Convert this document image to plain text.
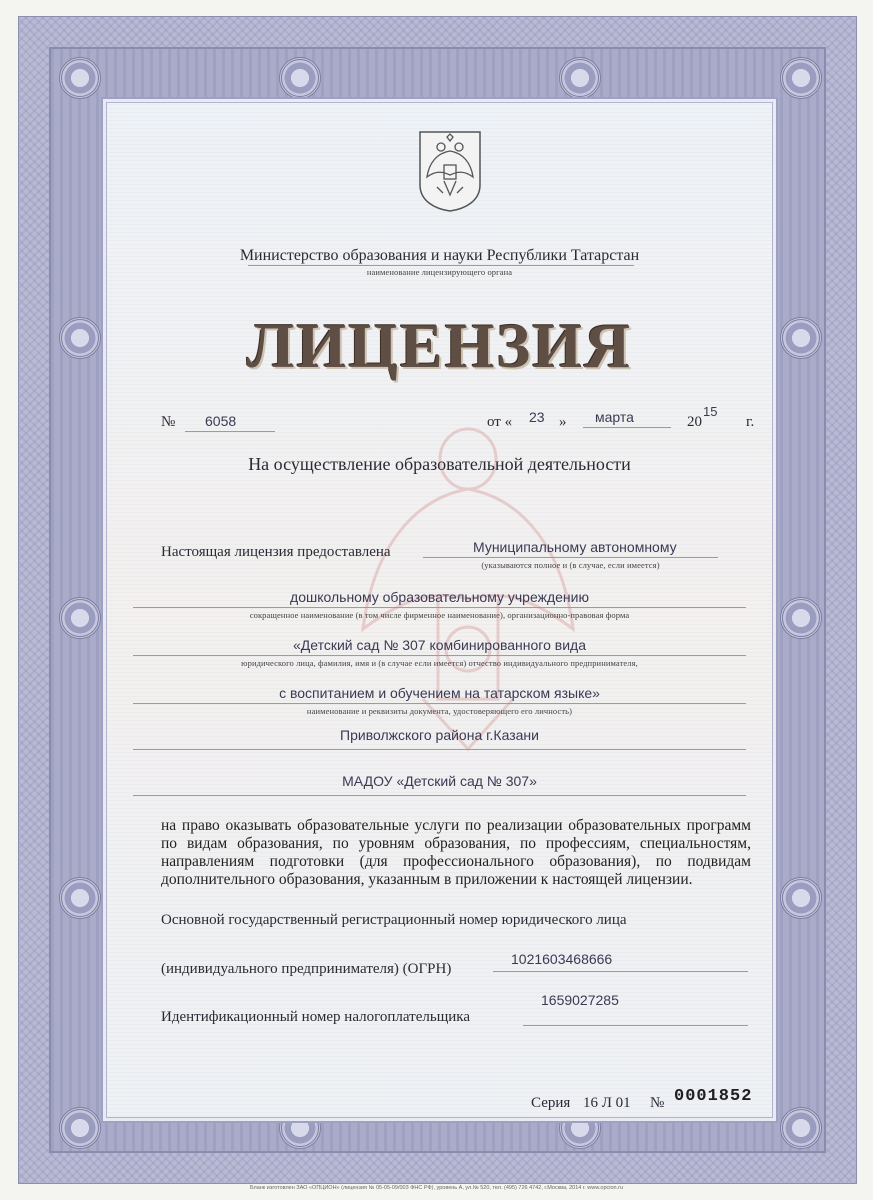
Министерство образования и науки Республики Татарстан
наименование лицензирующего органа
ЛИЦЕНЗИЯ
№ 6058	от « 23 » марта	20
15
г.
На осуществление образовательной деятельности
Настоящая лицензия предоставлена	Муниципальному автономному
(указываются полное и (в случае, если имеется)
дошкольному образовательному учреждению
сокращенное наименование (в том числе фирменное наименование), организационно-правовая форма
«Детский сад № 307 комбинированного вида
юридического лица, фамилия, имя и (в случае если имеется) отчество индивидуального предпринимателя,
с воспитанием и обучением на татарском языке»
наименование и реквизиты документа, удостоверяющего его личность)
Приволжского района г.Казани
МАДОУ «Детский сад № 307»
на право оказывать образовательные услуги по реализации образовательных программ по видам образования, по уровням образования, по профессиям, специальностям, направлениям подготовки (для профессионального образования), по подвидам дополнительного образования, указанным в приложении к настоящей лицензии.
Основной государственный регистрационный номер юридического лица
(индивидуального предпринимателя) (ОГРН)
1021603468666
Идентификационный номер налогоплательщика
1659027285
Серия 16 Л 01 № 0001852
Бланк изготовлен ЗАО «ОПЦИОН» (лицензия № 05-05-09/003 ФНС РФ), уровень А, ул.№ 520, тел. (495) 726 4742, г.Москва, 2014 г. www.opcion.ru
